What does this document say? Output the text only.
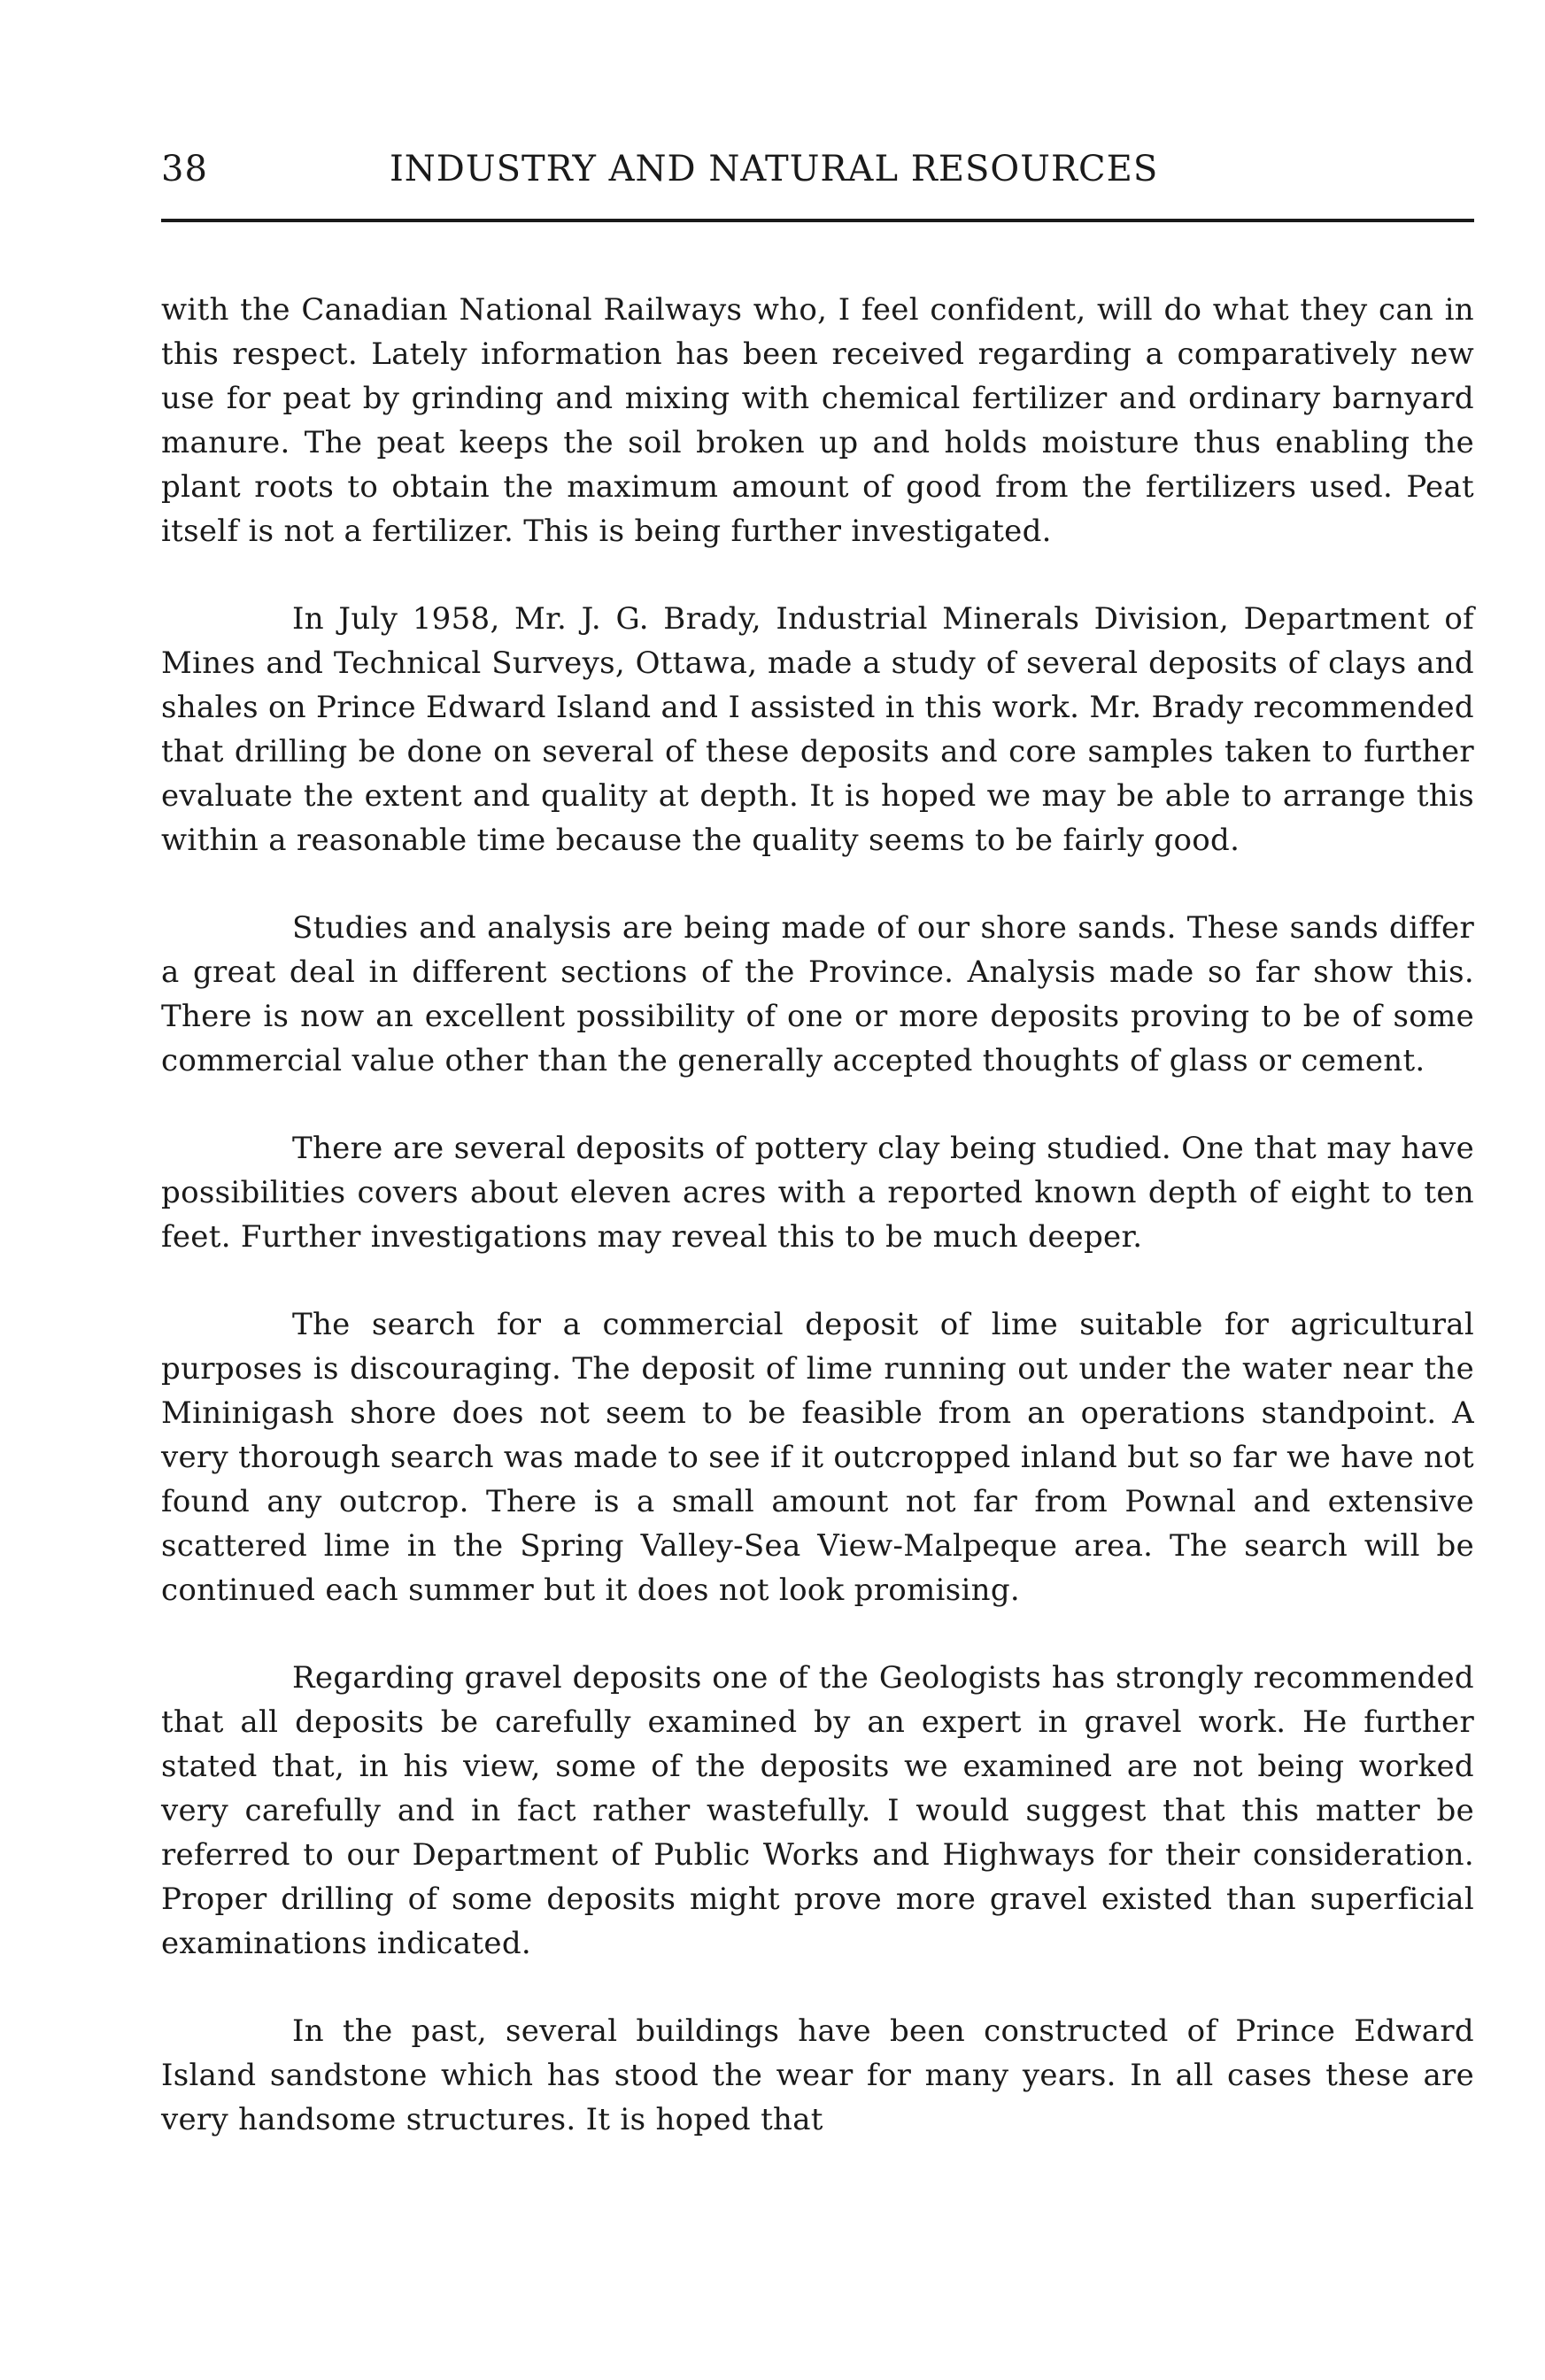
38	INDUSTRY AND NATURAL RESOURCES

with the Canadian National Railways who, I feel confident, will do what they can in this respect. Lately information has been received regarding a comparatively new use for peat by grinding and mixing with chemical fertilizer and ordinary barnyard manure. The peat keeps the soil broken up and holds moisture thus enabling the plant roots to obtain the maximum amount of good from the fertilizers used. Peat itself is not a fertilizer. This is being further investigated.

In July 1958, Mr. J. G. Brady, Industrial Minerals Division, Department of Mines and Technical Surveys, Ottawa, made a study of several deposits of clays and shales on Prince Edward Island and I assisted in this work. Mr. Brady recommended that drilling be done on several of these deposits and core samples taken to further evaluate the extent and quality at depth. It is hoped we may be able to arrange this within a reasonable time because the quality seems to be fairly good.

Studies and analysis are being made of our shore sands. These sands differ a great deal in different sections of the Province. Analysis made so far show this. There is now an excellent possibility of one or more deposits proving to be of some commercial value other than the generally accepted thoughts of glass or cement.

There are several deposits of pottery clay being studied. One that may have possibilities covers about eleven acres with a reported known depth of eight to ten feet. Further investigations may reveal this to be much deeper.

The search for a commercial deposit of lime suitable for agricultural purposes is discouraging. The deposit of lime running out under the water near the Mininigash shore does not seem to be feasible from an operations standpoint. A very thorough search was made to see if it outcropped inland but so far we have not found any outcrop. There is a small amount not far from Pownal and extensive scattered lime in the Spring Valley-Sea View-Malpeque area. The search will be continued each summer but it does not look promising.

Regarding gravel deposits one of the Geologists has strongly recommended that all deposits be carefully examined by an expert in gravel work. He further stated that, in his view, some of the deposits we examined are not being worked very carefully and in fact rather wastefully. I would suggest that this matter be referred to our Department of Public Works and Highways for their consideration. Proper drilling of some deposits might prove more gravel existed than superficial examinations indicated.

In the past, several buildings have been constructed of Prince Edward Island sandstone which has stood the wear for many years. In all cases these are very handsome structures. It is hoped that
